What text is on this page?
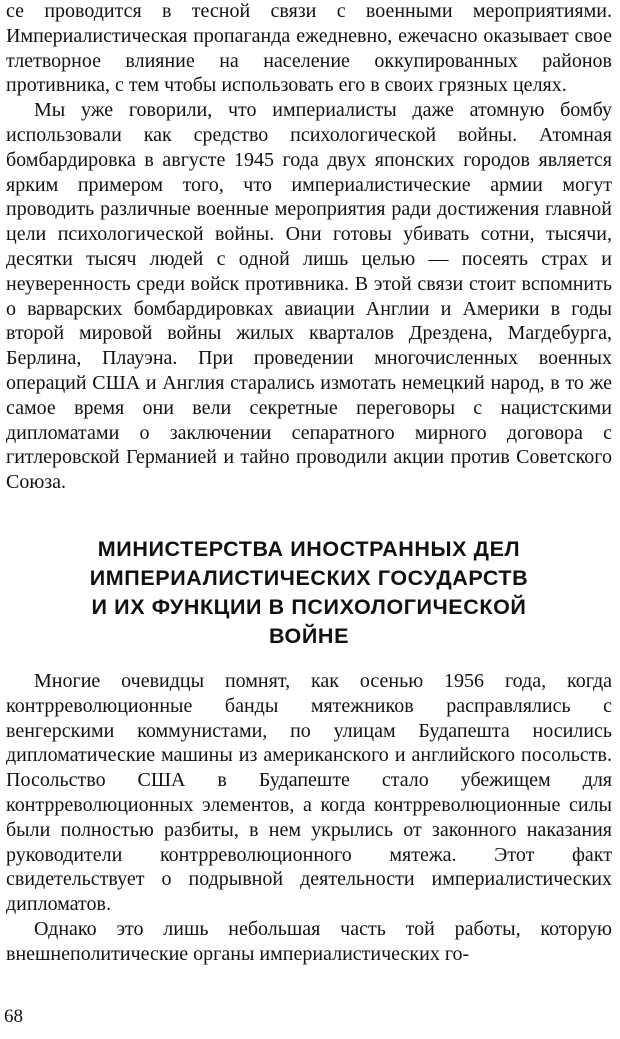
се проводится в тесной связи с военными мероприятиями. Империалистическая пропаганда ежедневно, ежечасно оказывает свое тлетворное влияние на население оккупированных районов противника, с тем чтобы использовать его в своих грязных целях.

Мы уже говорили, что империалисты даже атомную бомбу использовали как средство психологической войны. Атомная бомбардировка в августе 1945 года двух японских городов является ярким примером того, что империалистические армии могут проводить различные военные мероприятия ради достижения главной цели психологической войны. Они готовы убивать сотни, тысячи, десятки тысяч людей с одной лишь целью — посеять страх и неуверенность среди войск противника. В этой связи стоит вспомнить о варварских бомбардировках авиации Англии и Америки в годы второй мировой войны жилых кварталов Дрездена, Магдебурга, Берлина, Плауэна. При проведении многочисленных военных операций США и Англия старались измотать немецкий народ, в то же самое время они вели секретные переговоры с нацистскими дипломатами о заключении сепаратного мирного договора с гитлеровской Германией и тайно проводили акции против Советского Союза.

МИНИСТЕРСТВА ИНОСТРАННЫХ ДЕЛ
ИМПЕРИАЛИСТИЧЕСКИХ ГОСУДАРСТВ
И ИХ ФУНКЦИИ В ПСИХОЛОГИЧЕСКОЙ
ВОЙНЕ

Многие очевидцы помнят, как осенью 1956 года, когда контрреволюционные банды мятежников расправлялись с венгерскими коммунистами, по улицам Будапешта носились дипломатические машины из американского и английского посольств. Посольство США в Будапеште стало убежищем для контрреволюционных элементов, а когда контрреволюционные силы были полностью разбиты, в нем укрылись от законного наказания руководители контрреволюционного мятежа. Этот факт свидетельствует о подрывной деятельности империалистических дипломатов.

Однако это лишь небольшая часть той работы, которую внешнеполитические органы империалистических го-

68
